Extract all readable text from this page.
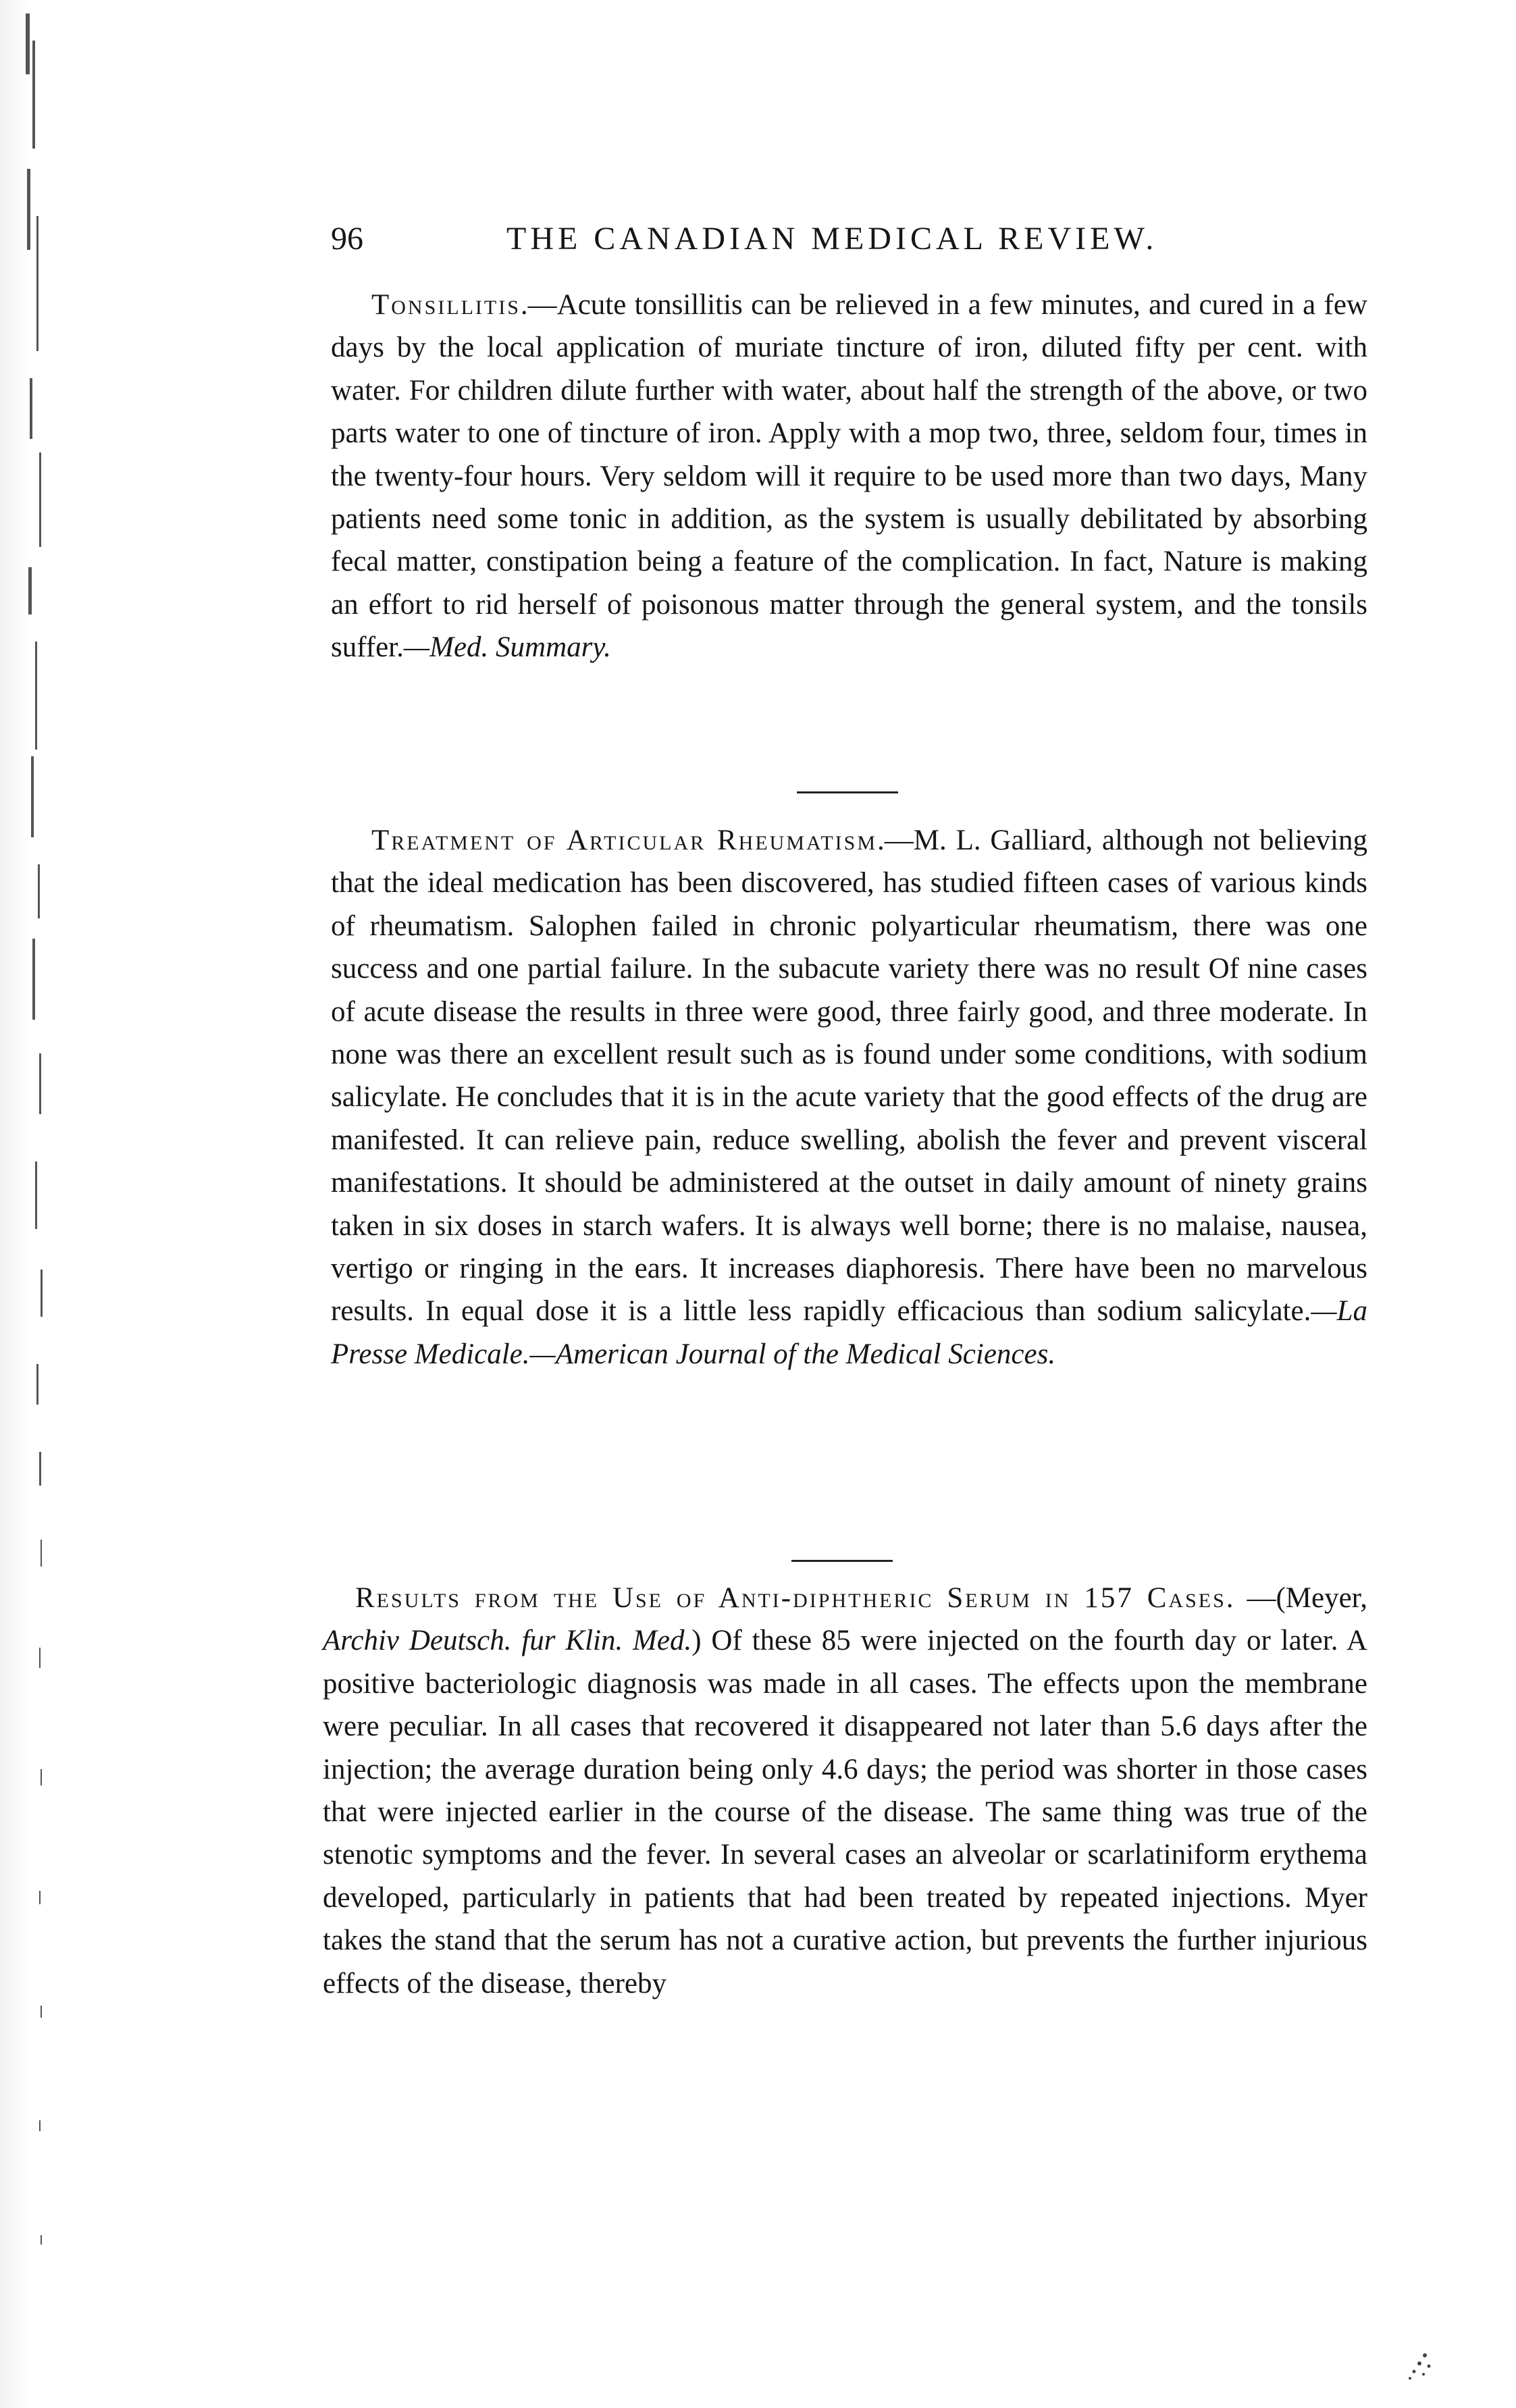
96	THE CANADIAN MEDICAL REVIEW.

Tonsillitis.—Acute tonsillitis can be relieved in a few minutes, and cured in a few days by the local application of muriate tincture of iron, diluted fifty per cent. with water. For children dilute further with water, about half the strength of the above, or two parts water to one of tincture of iron. Apply with a mop two, three, seldom four, times in the twenty-four hours. Very seldom will it require to be used more than two days, Many patients need some tonic in addition, as the system is usually debilitated by absorbing fecal matter, constipation being a feature of the complication. In fact, Nature is making an effort to rid herself of poisonous matter through the general system, and the tonsils suffer.—Med. Summary.

Treatment of Articular Rheumatism.—M. L. Galliard, although not believing that the ideal medication has been discovered, has studied fifteen cases of various kinds of rheumatism. Salophen failed in chronic polyarticular rheumatism, there was one success and one partial failure. In the subacute variety there was no result Of nine cases of acute disease the results in three were good, three fairly good, and three moderate. In none was there an excellent result such as is found under some conditions, with sodium salicylate. He concludes that it is in the acute variety that the good effects of the drug are manifested. It can relieve pain, reduce swelling, abolish the fever and prevent visceral manifestations. It should be administered at the outset in daily amount of ninety grains taken in six doses in starch wafers. It is always well borne; there is no malaise, nausea, vertigo or ringing in the ears. It increases diaphoresis. There have been no marvelous results. In equal dose it is a little less rapidly efficacious than sodium salicylate.—La Presse Medicale.—American Journal of the Medical Sciences.

Results from the Use of Anti-diphtheric Serum in 157 Cases. —(Meyer, Archiv Deutsch. fur Klin. Med.) Of these 85 were injected on the fourth day or later. A positive bacteriologic diagnosis was made in all cases. The effects upon the membrane were peculiar. In all cases that recovered it disappeared not later than 5.6 days after the injection; the average duration being only 4.6 days; the period was shorter in those cases that were injected earlier in the course of the disease. The same thing was true of the stenotic symptoms and the fever. In several cases an alveolar or scarlatiniform erythema developed, particularly in patients that had been treated by repeated injections. Myer takes the stand that the serum has not a curative action, but prevents the further injurious effects of the disease, thereby
